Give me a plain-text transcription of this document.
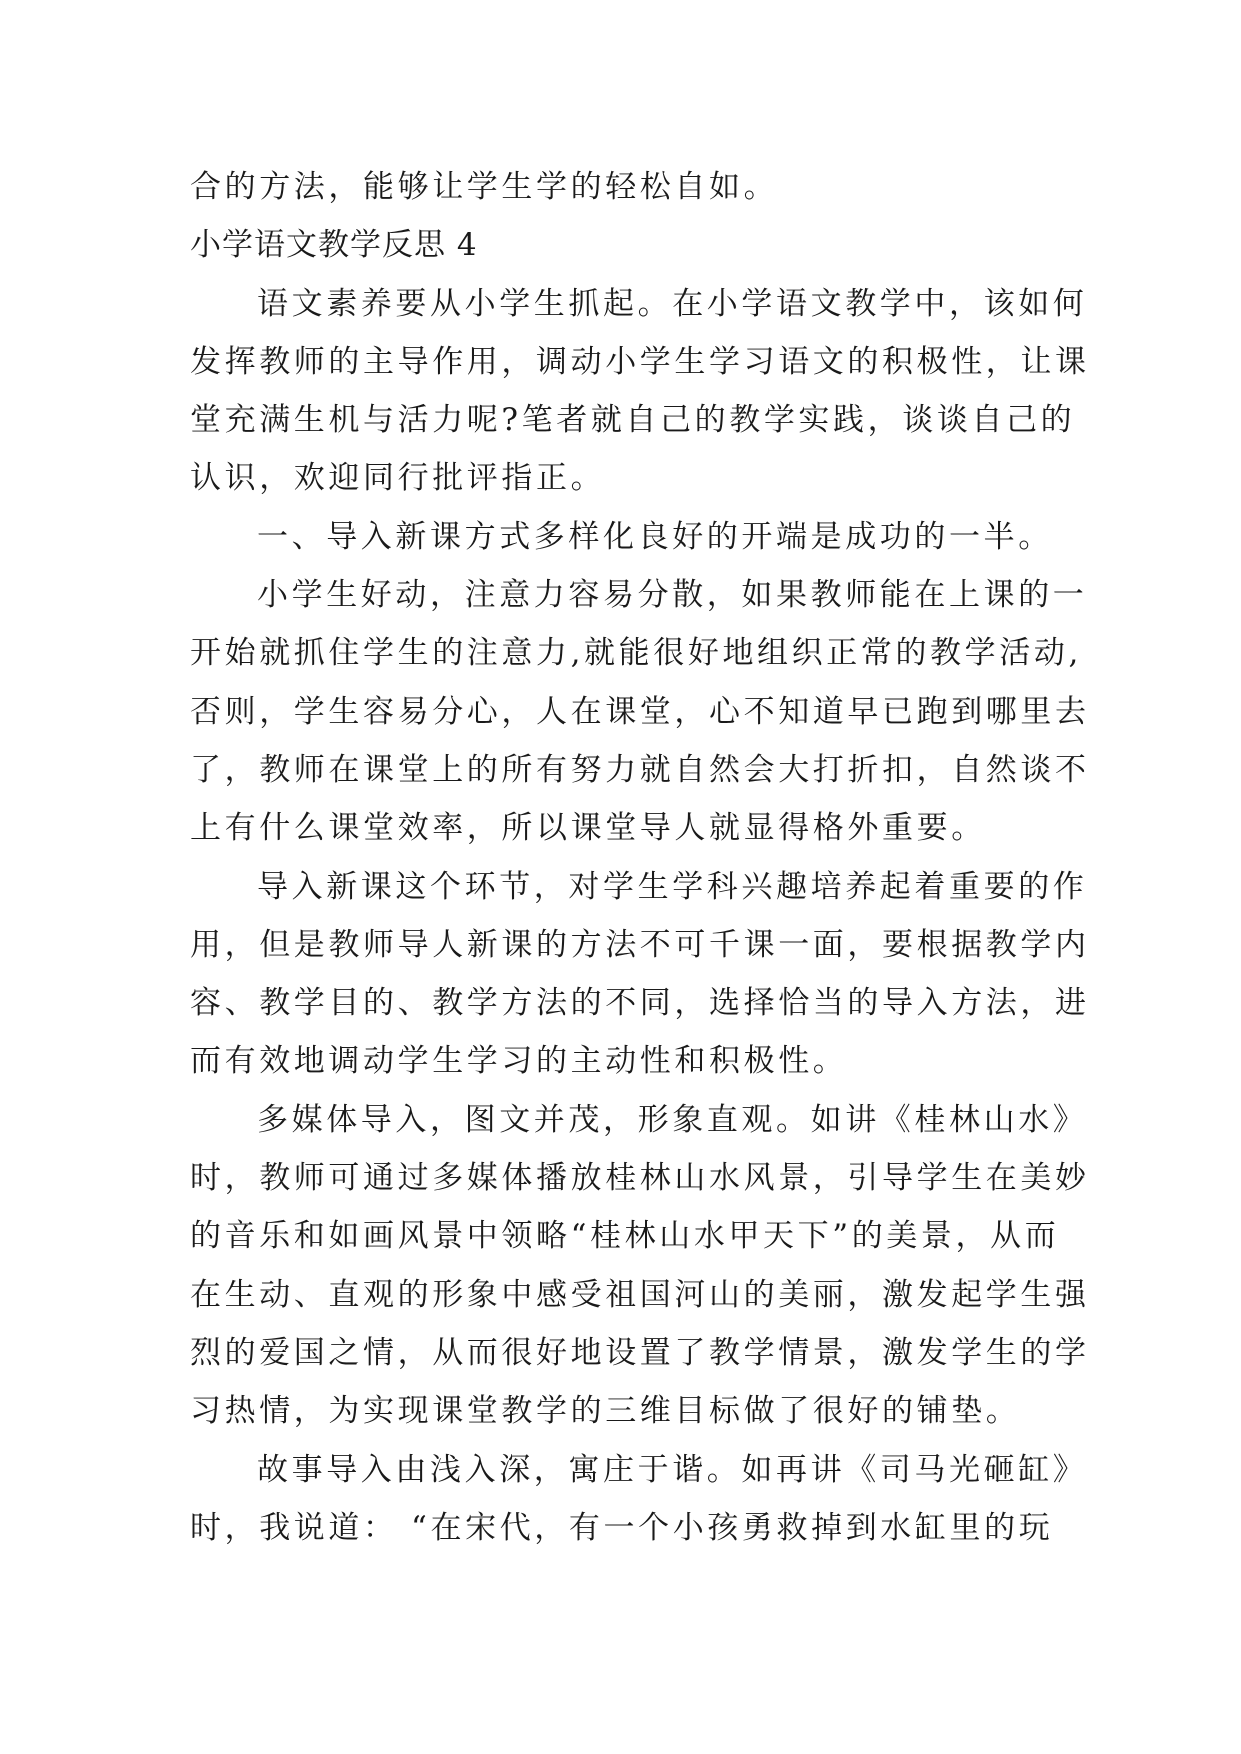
合的方法，能够让学生学的轻松自如。
小学语文教学反思 4
语文素养要从小学生抓起。在小学语文教学中，该如何
发挥教师的主导作用，调动小学生学习语文的积极性，让课
堂充满生机与活力呢?笔者就自己的教学实践，谈谈自己的
认识，欢迎同行批评指正。
一、导入新课方式多样化良好的开端是成功的一半。
小学生好动，注意力容易分散，如果教师能在上课的一
开始就抓住学生的注意力,就能很好地组织正常的教学活动,
否则，学生容易分心，人在课堂，心不知道早已跑到哪里去
了，教师在课堂上的所有努力就自然会大打折扣，自然谈不
上有什么课堂效率，所以课堂导人就显得格外重要。
导入新课这个环节，对学生学科兴趣培养起着重要的作
用，但是教师导人新课的方法不可千课一面，要根据教学内
容、教学目的、教学方法的不同，选择恰当的导入方法，进
而有效地调动学生学习的主动性和积极性。
多媒体导入，图文并茂，形象直观。如讲《桂林山水》
时，教师可通过多媒体播放桂林山水风景，引导学生在美妙
的音乐和如画风景中领略“桂林山水甲天下”的美景，从而
在生动、直观的形象中感受祖国河山的美丽，激发起学生强
烈的爱国之情，从而很好地设置了教学情景，激发学生的学
习热情，为实现课堂教学的三维目标做了很好的铺垫。
故事导入由浅入深，寓庄于谐。如再讲《司马光砸缸》
时，我说道： “在宋代，有一个小孩勇救掉到水缸里的玩
